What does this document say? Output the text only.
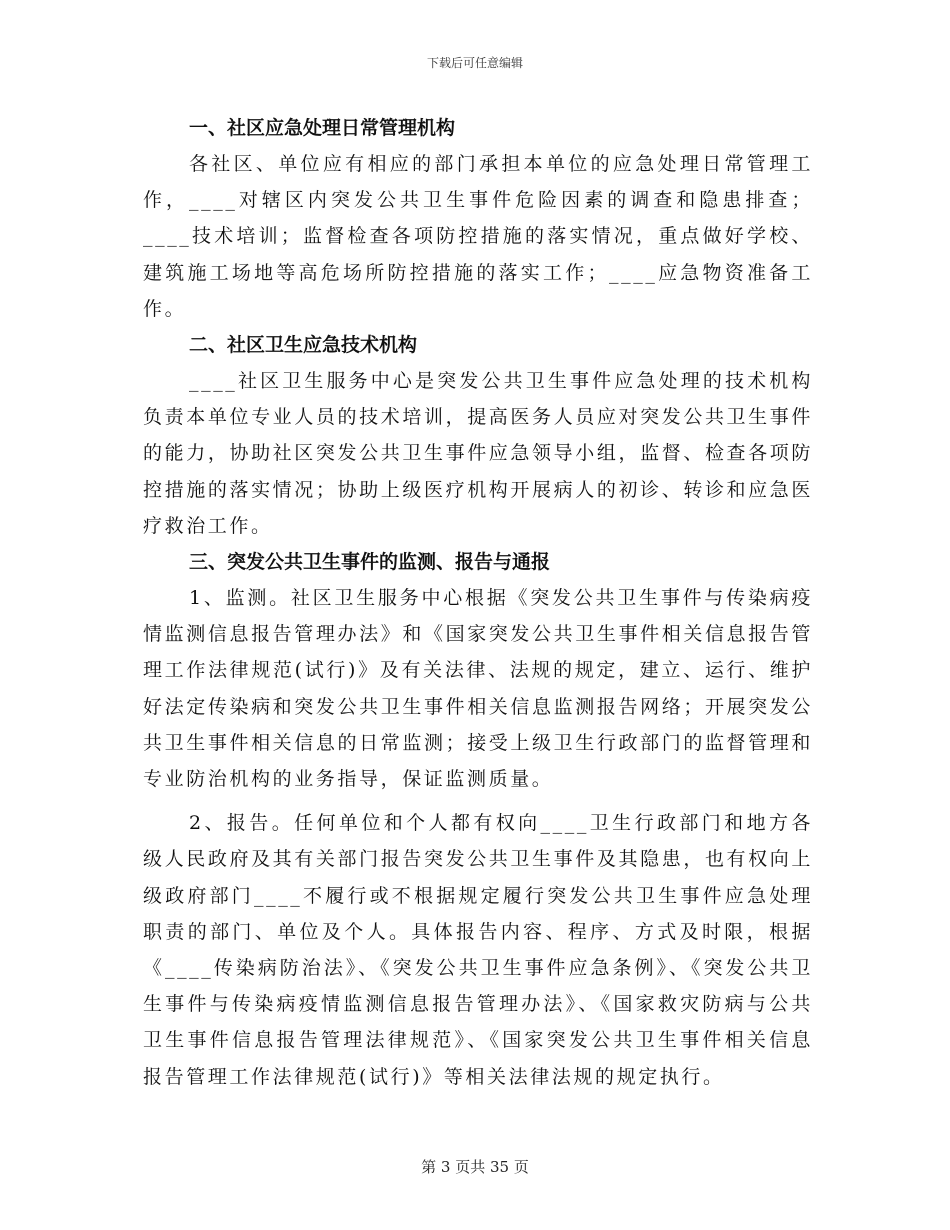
下载后可任意编辑

一、社区应急处理日常管理机构

各社区、单位应有相应的部门承担本单位的应急处理日常管理工作，____对辖区内突发公共卫生事件危险因素的调查和隐患排查；____技术培训；监督检查各项防控措施的落实情况，重点做好学校、建筑施工场地等高危场所防控措施的落实工作；____应急物资准备工作。

二、社区卫生应急技术机构

____社区卫生服务中心是突发公共卫生事件应急处理的技术机构负责本单位专业人员的技术培训，提高医务人员应对突发公共卫生事件的能力，协助社区突发公共卫生事件应急领导小组，监督、检查各项防控措施的落实情况；协助上级医疗机构开展病人的初诊、转诊和应急医疗救治工作。

三、突发公共卫生事件的监测、报告与通报

1、监测。社区卫生服务中心根据《突发公共卫生事件与传染病疫情监测信息报告管理办法》和《国家突发公共卫生事件相关信息报告管理工作法律规范(试行)》及有关法律、法规的规定，建立、运行、维护好法定传染病和突发公共卫生事件相关信息监测报告网络；开展突发公共卫生事件相关信息的日常监测；接受上级卫生行政部门的监督管理和专业防治机构的业务指导，保证监测质量。

2、报告。任何单位和个人都有权向____卫生行政部门和地方各级人民政府及其有关部门报告突发公共卫生事件及其隐患，也有权向上级政府部门____不履行或不根据规定履行突发公共卫生事件应急处理职责的部门、单位及个人。具体报告内容、程序、方式及时限，根据《____传染病防治法》、《突发公共卫生事件应急条例》、《突发公共卫生事件与传染病疫情监测信息报告管理办法》、《国家救灾防病与公共卫生事件信息报告管理法律规范》、《国家突发公共卫生事件相关信息报告管理工作法律规范(试行)》等相关法律法规的规定执行。

第 3 页共 35 页
